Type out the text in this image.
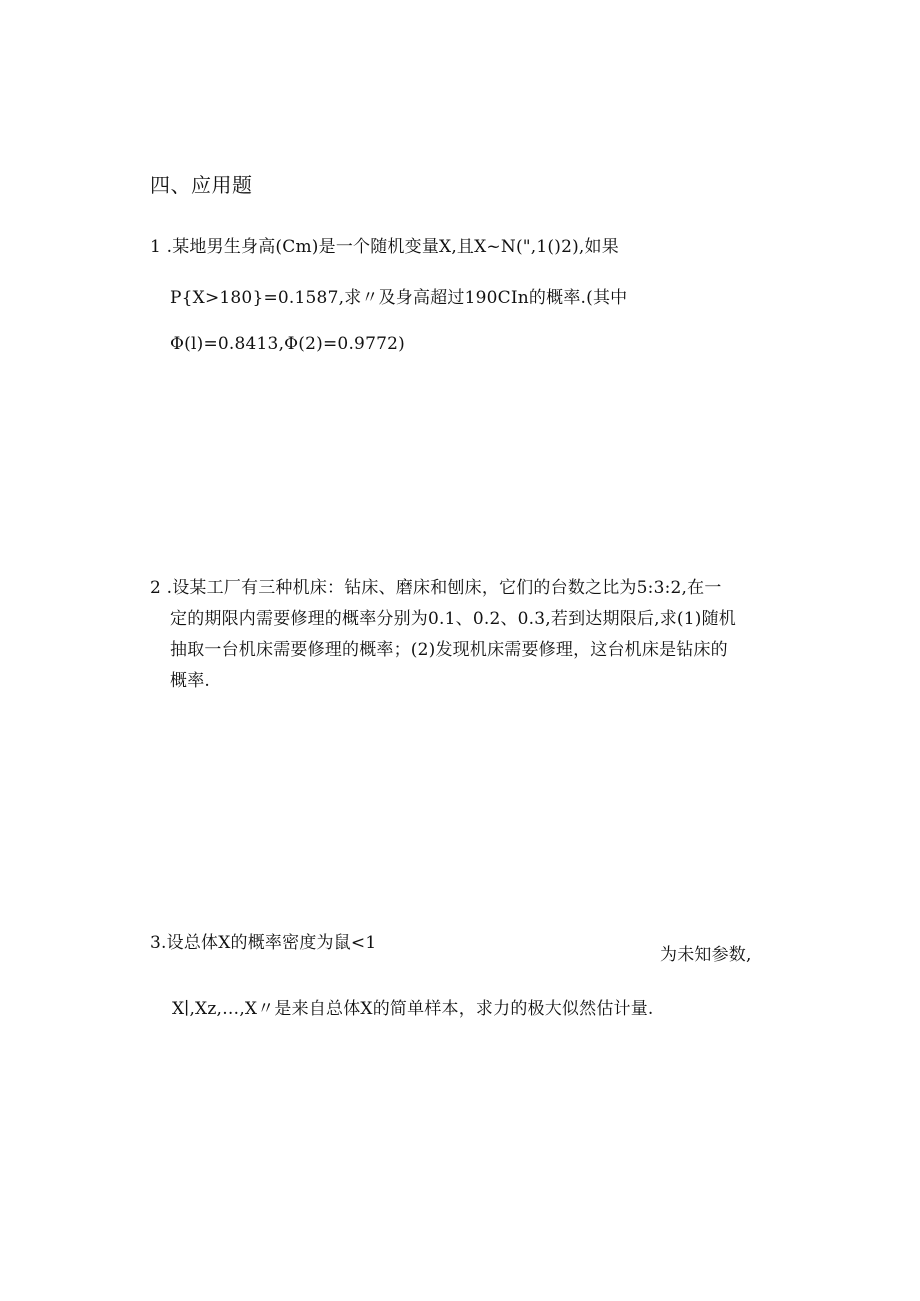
四、应用题
1 .某地男生身高(Cm)是一个随机变量X,且X~N(",1()2),如果
P{X>180}=0.1587,求〃及身高超过190CIn的概率.(其中
Φ(l)=0.8413,Φ(2)=0.9772)
2 .设某工厂有三种机床：钻床、磨床和刨床，它们的台数之比为5:3:2,在一
定的期限内需要修理的概率分别为0.1、0.2、0.3,若到达期限后,求(1)随机
抽取一台机床需要修理的概率；(2)发现机床需要修理，这台机床是钻床的
概率.
3.设总体X的概率密度为鼠<1
为未知参数,
X∣,Xz,…,X〃是来自总体X的简单样本，求力的极大似然估计量.
